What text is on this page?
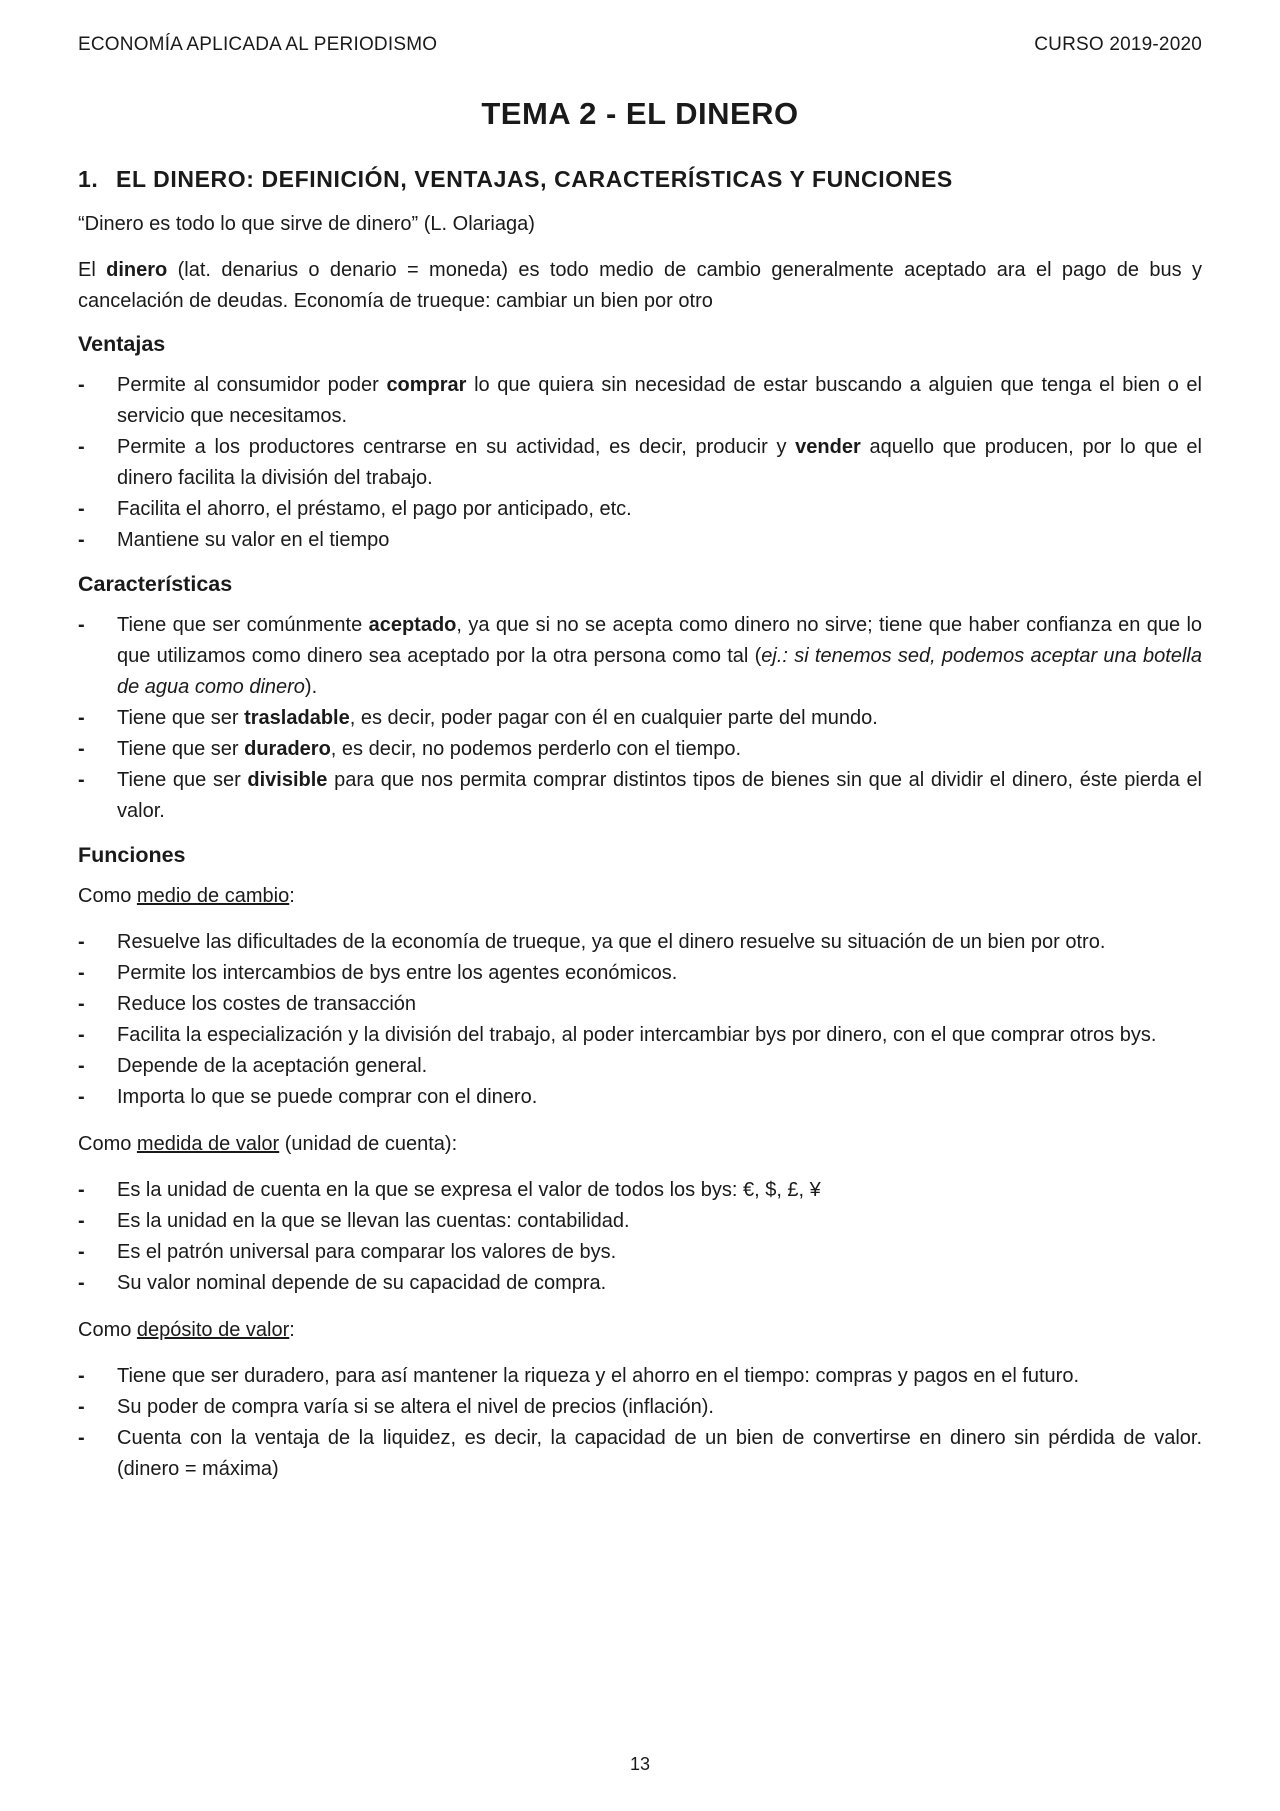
ECONOMÍA APLICADA AL PERIODISMO	CURSO 2019-2020
TEMA 2 - EL DINERO
1. EL DINERO: DEFINICIÓN, VENTAJAS, CARACTERÍSTICAS Y FUNCIONES

“Dinero es todo lo que sirve de dinero” (L. Olariaga)

El dinero (lat. denarius o denario = moneda) es todo medio de cambio generalmente aceptado ara el pago de bus y cancelación de deudas. Economía de trueque: cambiar un bien por otro

Ventajas
- Permite al consumidor poder comprar lo que quiera sin necesidad de estar buscando a alguien que tenga el bien o el servicio que necesitamos.
- Permite a los productores centrarse en su actividad, es decir, producir y vender aquello que producen, por lo que el dinero facilita la división del trabajo.
- Facilita el ahorro, el préstamo, el pago por anticipado, etc.
- Mantiene su valor en el tiempo
Características
- Tiene que ser comúnmente aceptado, ya que si no se acepta como dinero no sirve; tiene que haber confianza en que lo que utilizamos como dinero sea aceptado por la otra persona como tal (ej.: si tenemos sed, podemos aceptar una botella de agua como dinero).
- Tiene que ser trasladable, es decir, poder pagar con él en cualquier parte del mundo.
- Tiene que ser duradero, es decir, no podemos perderlo con el tiempo.
- Tiene que ser divisible para que nos permita comprar distintos tipos de bienes sin que al dividir el dinero, éste pierda el valor.
Funciones

Como medio de cambio:

- Resuelve las dificultades de la economía de trueque, ya que el dinero resuelve su situación de un bien por otro.
- Permite los intercambios de bys entre los agentes económicos.
- Reduce los costes de transacción
- Facilita la especialización y la división del trabajo, al poder intercambiar bys por dinero, con el que comprar otros bys.
- Depende de la aceptación general.
- Importa lo que se puede comprar con el dinero.

Como medida de valor (unidad de cuenta):

- Es la unidad de cuenta en la que se expresa el valor de todos los bys: €, $, £, ¥
- Es la unidad en la que se llevan las cuentas: contabilidad.
- Es el patrón universal para comparar los valores de bys.
- Su valor nominal depende de su capacidad de compra.

Como depósito de valor:

- Tiene que ser duradero, para así mantener la riqueza y el ahorro en el tiempo: compras y pagos en el futuro.
- Su poder de compra varía si se altera el nivel de precios (inflación).
- Cuenta con la ventaja de la liquidez, es decir, la capacidad de un bien de convertirse en dinero sin pérdida de valor. (dinero = máxima)
13
